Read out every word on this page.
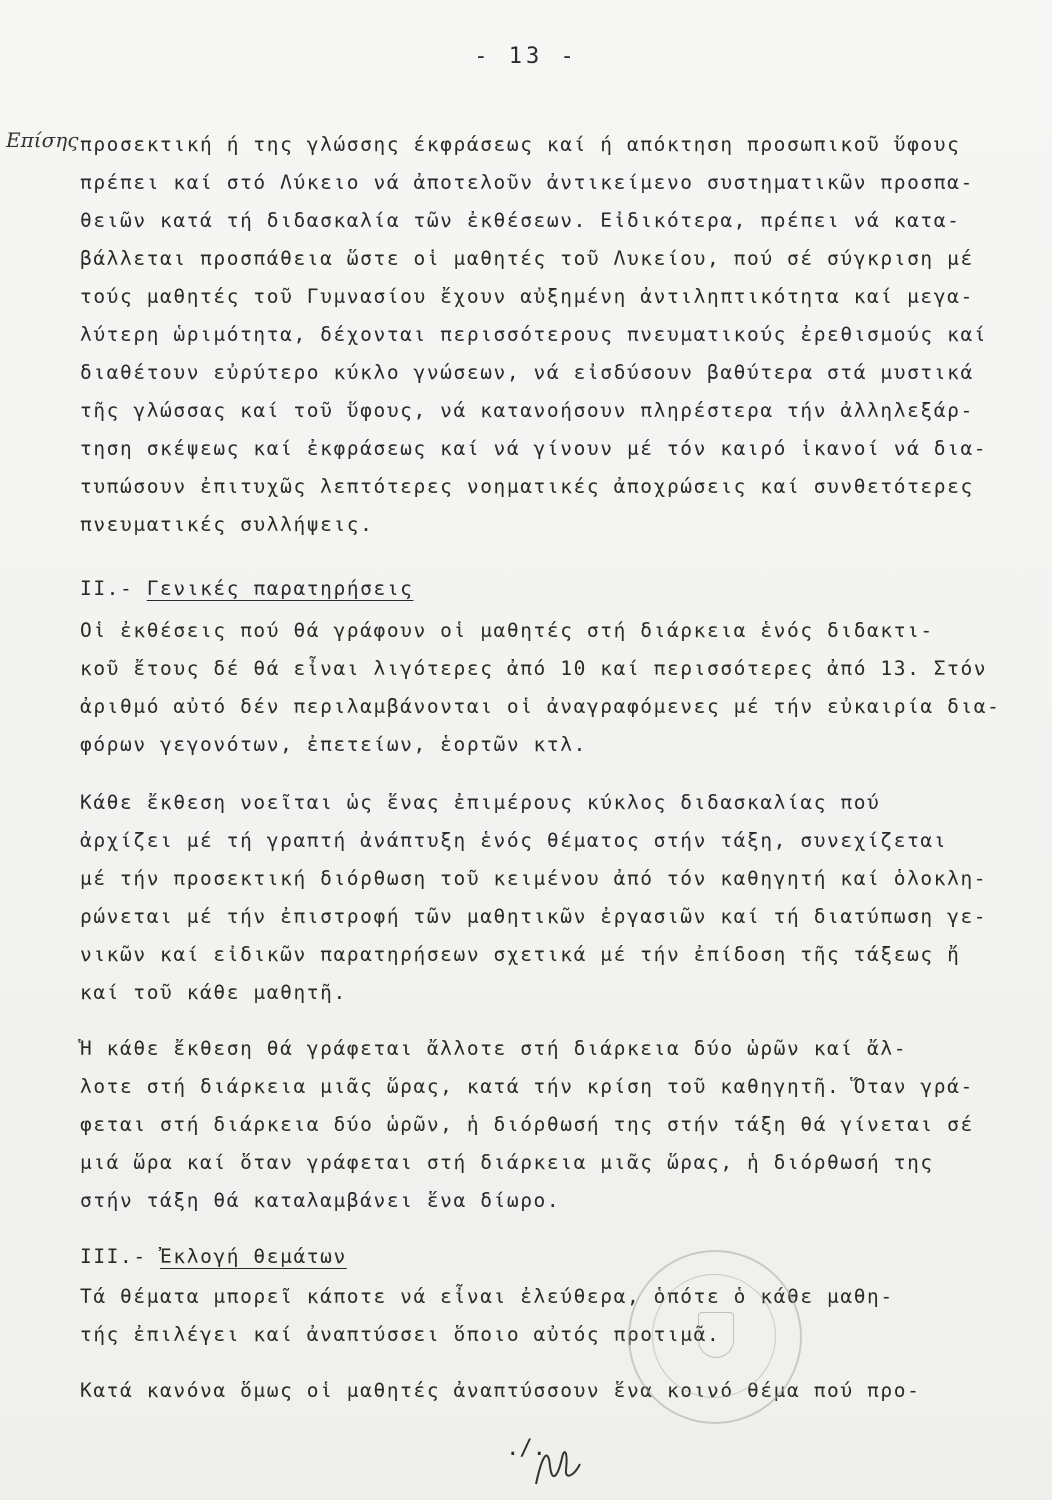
- 13 -
Επίσης προσεκτική ή της γλώσσης έκφράσεως καί ή απόκτηση προσωπικοῦ ὕφους
πρέπει καί στό Λύκειο νά ἀποτελοῦν ἀντικείμενο συστηματικῶν προσπα-
θειῶν κατά τή διδασκαλία τῶν ἐκθέσεων. Εἰδικότερα, πρέπει νά κατα-
βάλλεται προσπάθεια ὥστε οἱ μαθητές τοῦ Λυκείου, πού σέ σύγκριση μέ
τούς μαθητές τοῦ Γυμνασίου ἔχουν αὐξημένη ἀντιληπτικότητα καί μεγα-
λύτερη ὡριμότητα, δέχονται περισσότερους πνευματικούς ἐρεθισμούς καί
διαθέτουν εὐρύτερο κύκλο γνώσεων, νά εἰσδύσουν βαθύτερα στά μυστικά
τῆς γλώσσας καί τοῦ ὕφους, νά κατανοήσουν πληρέστερα τήν ἀλληλεξάρ-
τηση σκέψεως καί ἐκφράσεως καί νά γίνουν μέ τόν καιρό ἱκανοί νά δια-
τυπώσουν ἐπιτυχῶς λεπτότερες νοηματικές ἀποχρώσεις καί συνθετότερες
πνευματικές συλλήψεις.
II.- Γενικές παρατηρήσεις
Οἱ ἐκθέσεις πού θά γράφουν οἱ μαθητές στή διάρκεια ἑνός διδακτι-
κοῦ ἔτους δέ θά εἶναι λιγότερες ἀπό 10 καί περισσότερες ἀπό 13. Στόν
ἀριθμό αὐτό δέν περιλαμβάνονται οἱ ἀναγραφόμενες μέ τήν εὐκαιρία δια-
φόρων γεγονότων, ἐπετείων, ἑορτῶν κτλ.
Κάθε ἔκθεση νοεῖται ὡς ἕνας ἐπιμέρους κύκλος διδασκαλίας πού
ἀρχίζει μέ τή γραπτή ἀνάπτυξη ἑνός θέματος στήν τάξη, συνεχίζεται
μέ τήν προσεκτική διόρθωση τοῦ κειμένου ἀπό τόν καθηγητή καί ὁλοκλη-
ρώνεται μέ τήν ἐπιστροφή τῶν μαθητικῶν ἐργασιῶν καί τή διατύπωση γε-
νικῶν καί εἰδικῶν παρατηρήσεων σχετικά μέ τήν ἐπίδοση τῆς τάξεως ἤ
καί τοῦ κάθε μαθητῆ.
Ἡ κάθε ἔκθεση θά γράφεται ἄλλοτε στή διάρκεια δύο ὡρῶν καί ἄλ-
λοτε στή διάρκεια μιᾶς ὥρας, κατά τήν κρίση τοῦ καθηγητῆ. Ὅταν γρά-
φεται στή διάρκεια δύο ὡρῶν, ἡ διόρθωσή της στήν τάξη θά γίνεται σέ
μιά ὥρα καί ὅταν γράφεται στή διάρκεια μιᾶς ὥρας, ἡ διόρθωσή της
στήν τάξη θά καταλαμβάνει ἕνα δίωρο.
III.- Ἐκλογή θεμάτων
Τά θέματα μπορεῖ κάποτε νά εἶναι ἐλεύθερα, ὁπότε ὁ κάθε μαθη-
τής ἐπιλέγει καί ἀναπτύσσει ὅποιο αὐτός προτιμᾶ.
Κατά κανόνα ὅμως οἱ μαθητές ἀναπτύσσουν ἕνα κοινό θέμα πού προ-
./.
